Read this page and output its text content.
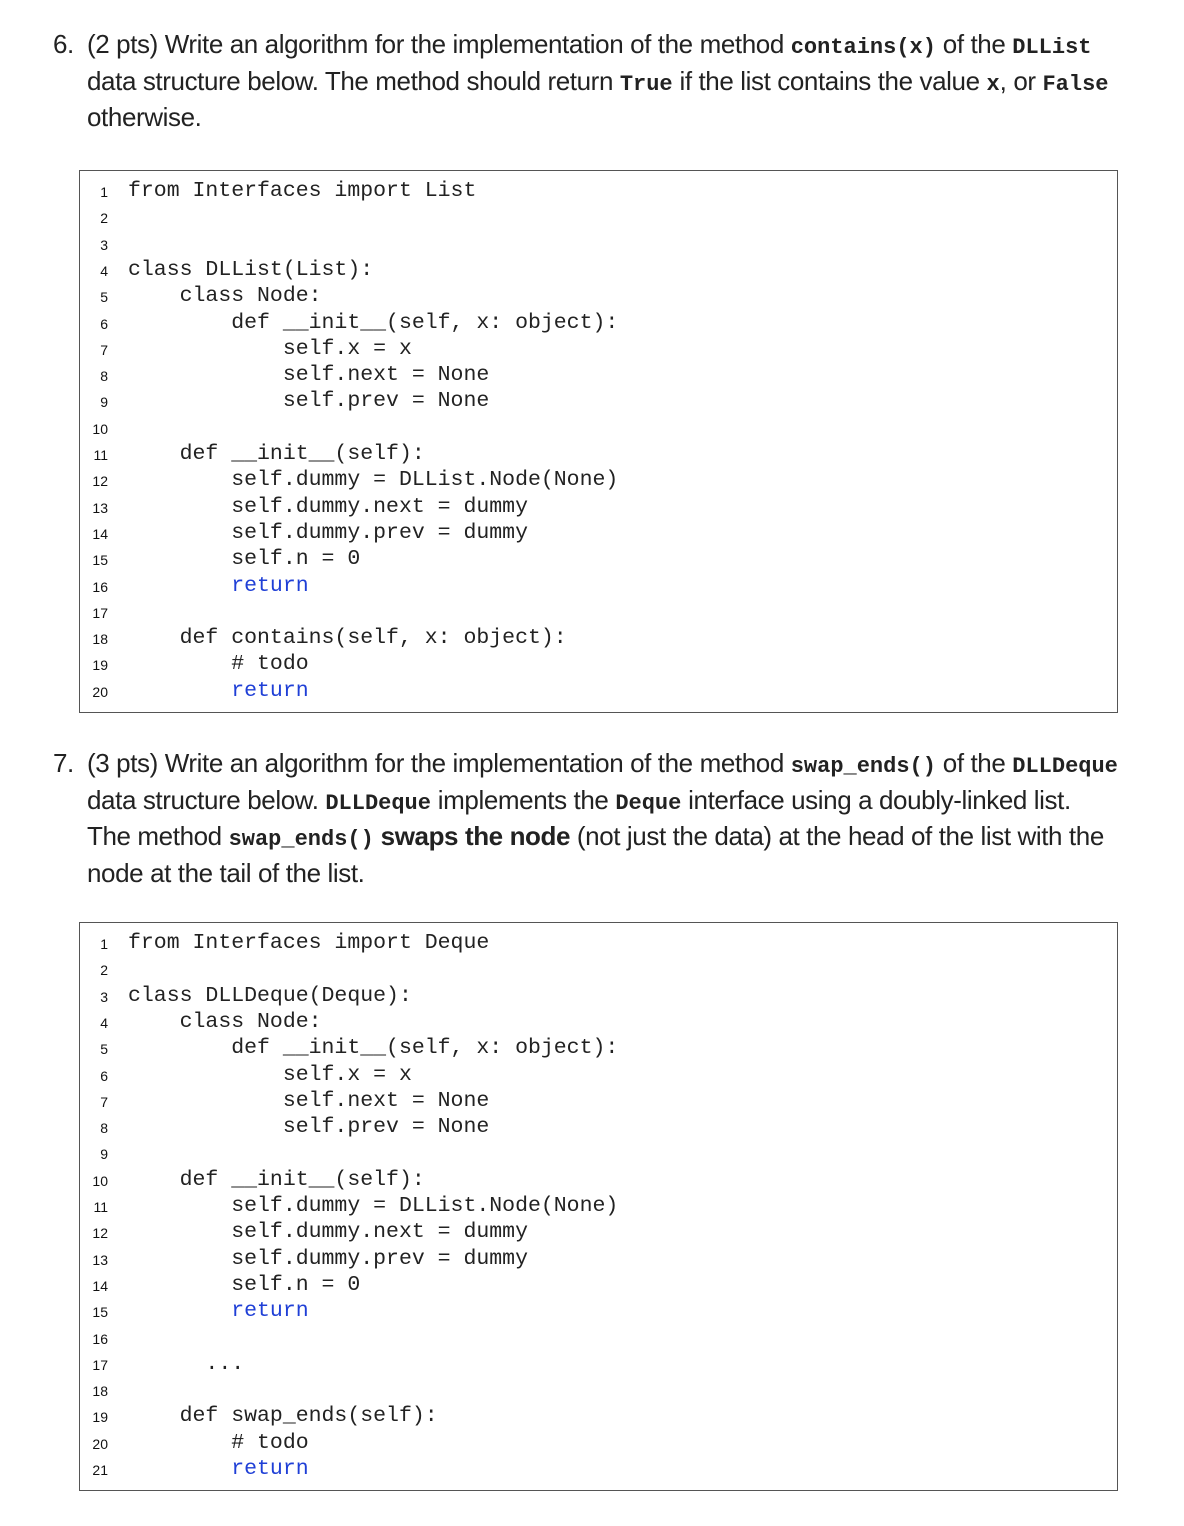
6. (2 pts) Write an algorithm for the implementation of the method contains(x) of the DLList
data structure below. The method should return True if the list contains the value x, or False
otherwise.
1 from Interfaces import List
2
3
4 class DLList(List):
5 class Node:
6 def __init__(self, x: object):
7 self.x = x
8 self.next = None
9 self.prev = None
10
11 def __init__(self):
12 self.dummy = DLList.Node(None)
13 self.dummy.next = dummy
14 self.dummy.prev = dummy
15 self.n = 0
16 return
17
18 def contains(self, x: object):
19 # todo
20 return
7. (3 pts) Write an algorithm for the implementation of the method swap_ends() of the DLLDeque
data structure below. DLLDeque implements the Deque interface using a doubly-linked list.
The method swap_ends() swaps the node (not just the data) at the head of the list with the
node at the tail of the list.
1 from Interfaces import Deque
2
3 class DLLDeque(Deque):
4 class Node:
5 def __init__(self, x: object):
6 self.x = x
7 self.next = None
8 self.prev = None
9
10 def __init__(self):
11 self.dummy = DLList.Node(None)
12 self.dummy.next = dummy
13 self.dummy.prev = dummy
14 self.n = 0
15 return
16
17 ...
18
19 def swap_ends(self):
20 # todo
21 return
